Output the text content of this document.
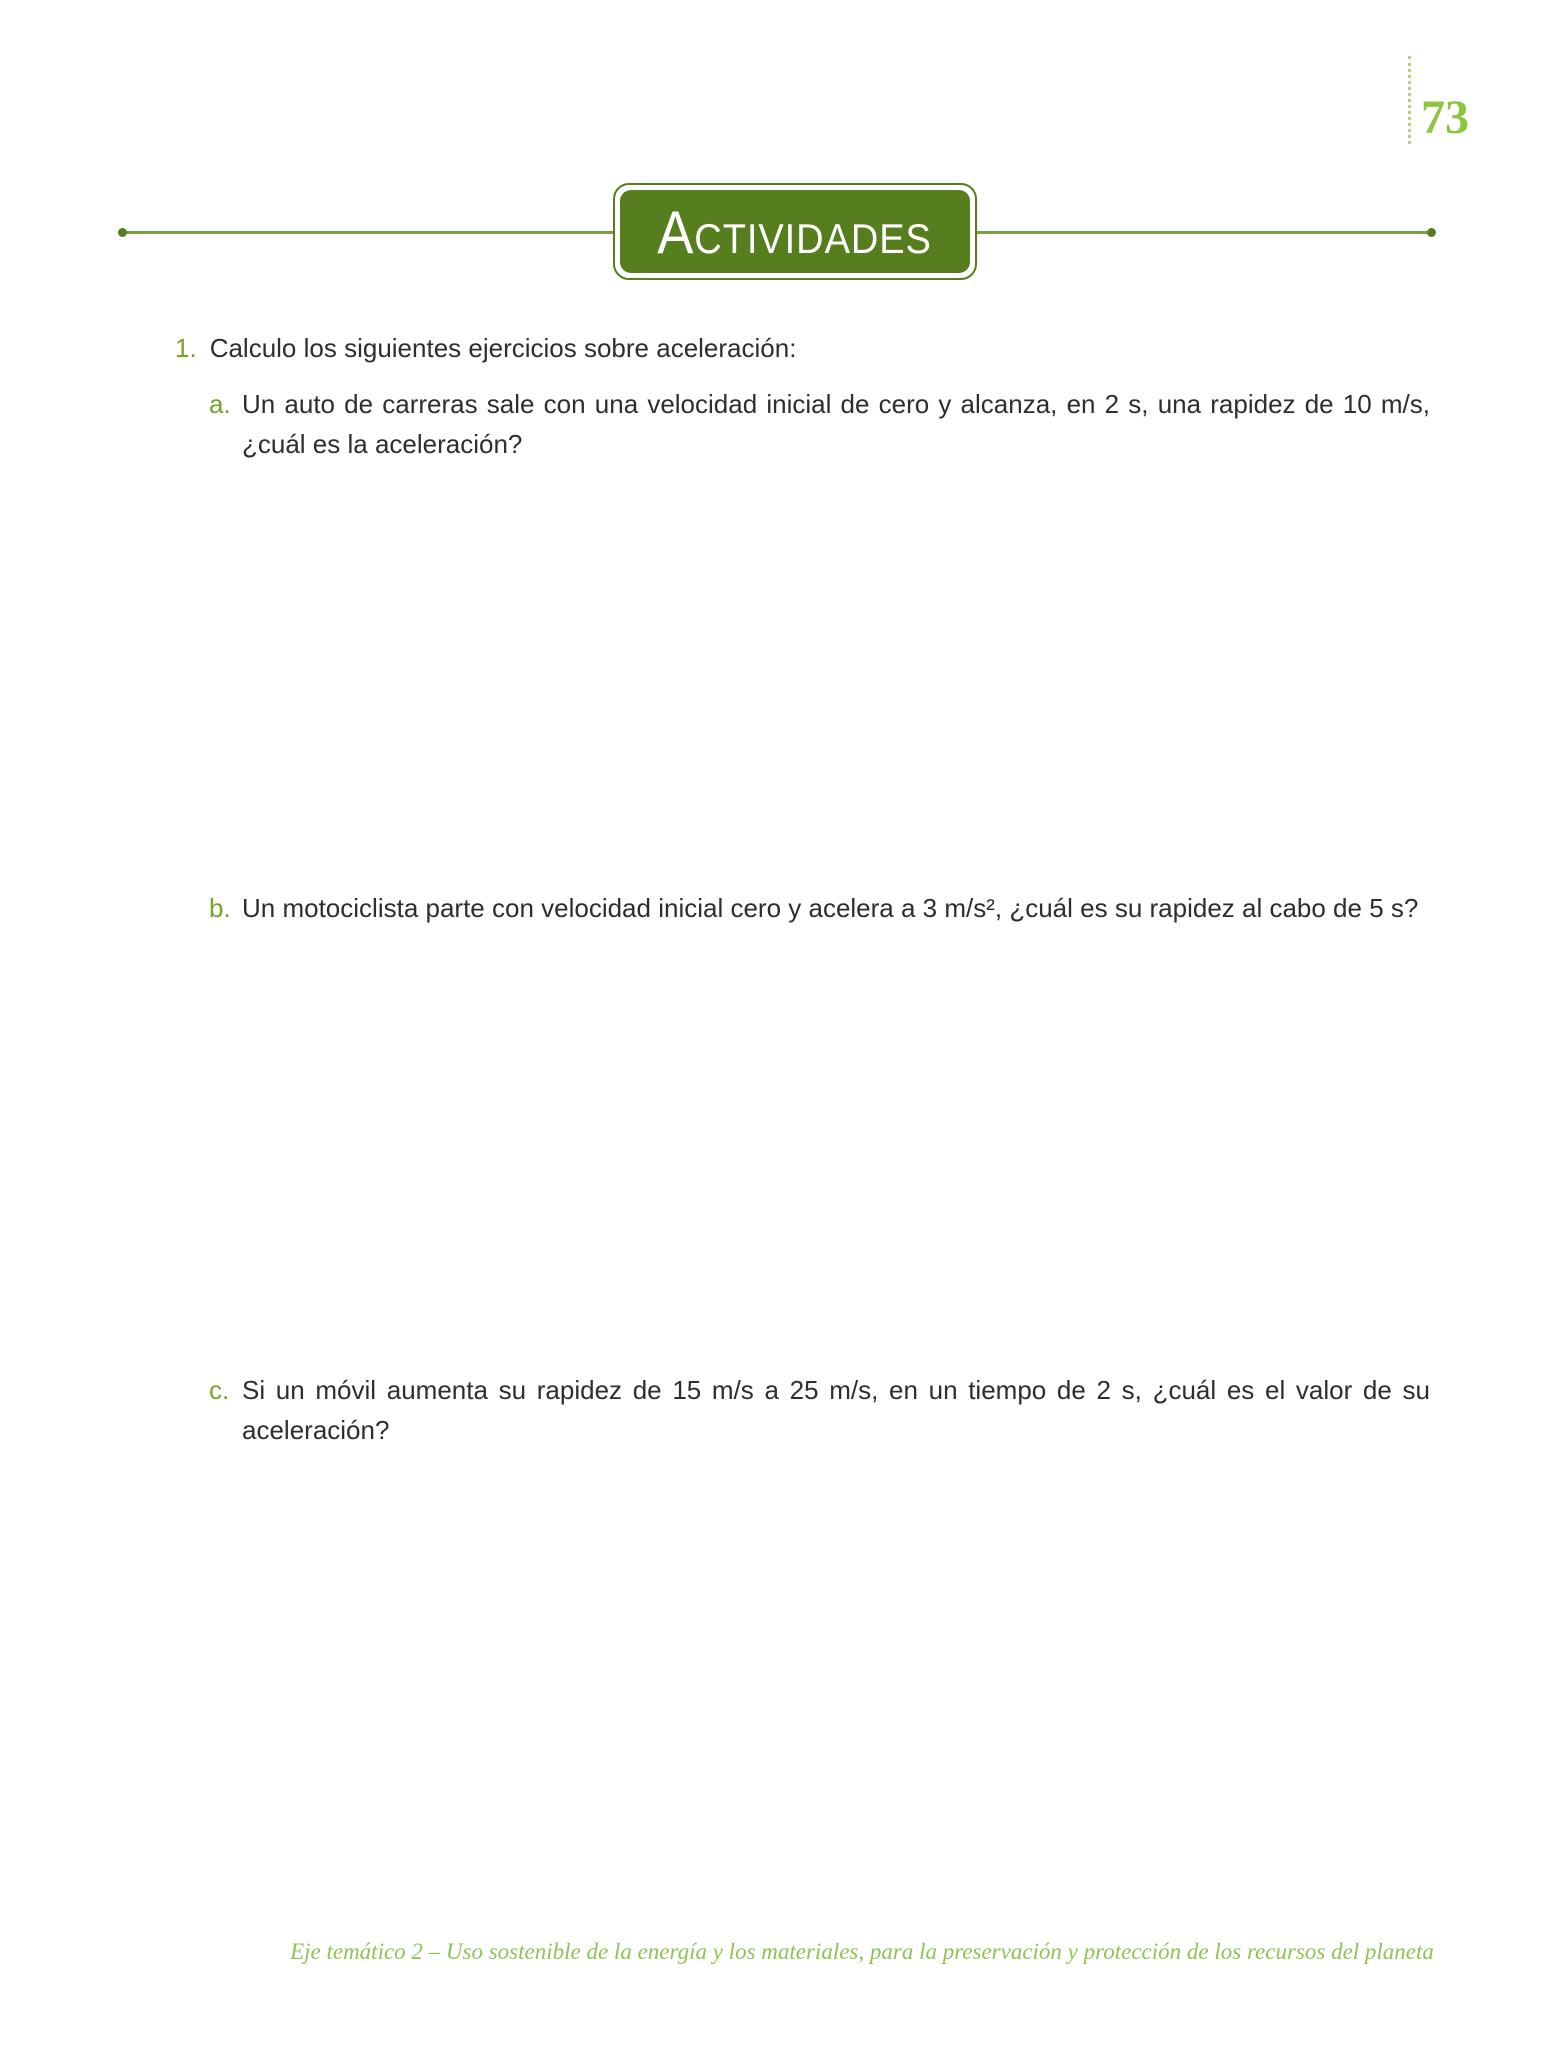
73
ACTIVIDADES
1. Calculo los siguientes ejercicios sobre aceleración:
a. Un auto de carreras sale con una velocidad inicial de cero y alcanza, en 2 s, una rapidez de 10 m/s, ¿cuál es la aceleración?
b. Un motociclista parte con velocidad inicial cero y acelera a 3 m/s², ¿cuál es su rapidez al cabo de 5 s?
c. Si un móvil aumenta su rapidez de 15 m/s a 25 m/s, en un tiempo de 2 s, ¿cuál es el valor de su aceleración?
Eje temático 2 – Uso sostenible de la energía y los materiales, para la preservación y protección de los recursos del planeta
